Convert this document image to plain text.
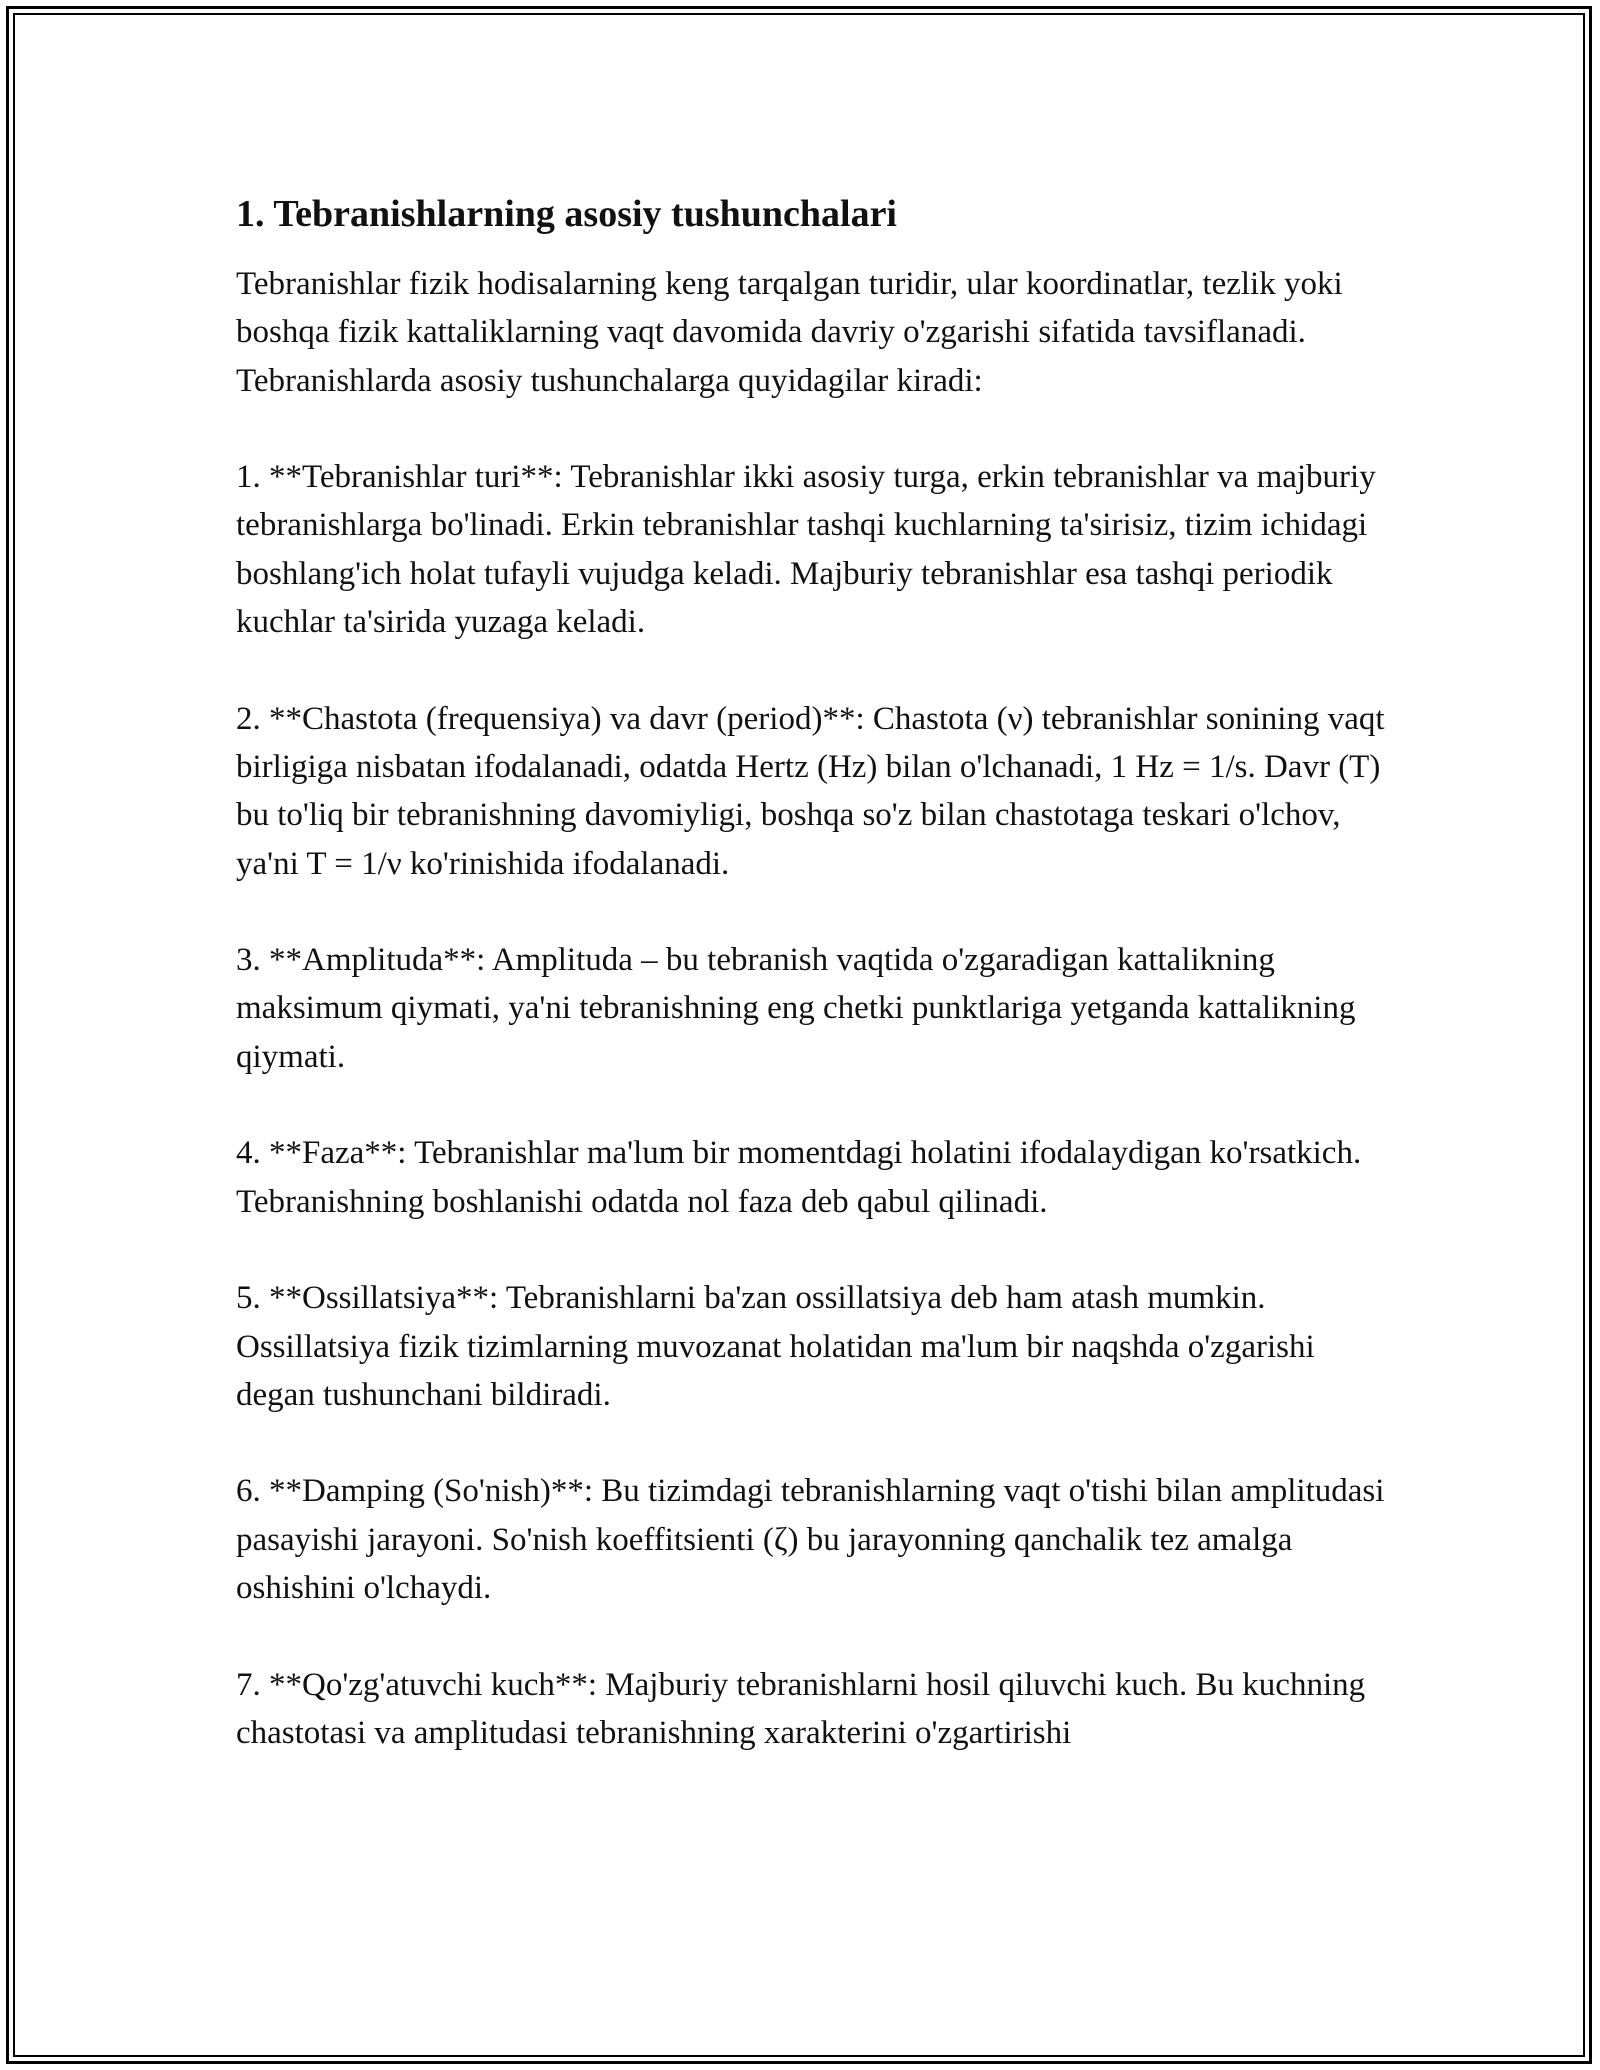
1. Tebranishlarning asosiy tushunchalari

Tebranishlar fizik hodisalarning keng tarqalgan turidir, ular koordinatlar, tezlik yoki boshqa fizik kattaliklarning vaqt davomida davriy o'zgarishi sifatida tavsiflanadi. Tebranishlarda asosiy tushunchalarga quyidagilar kiradi:

1. **Tebranishlar turi**: Tebranishlar ikki asosiy turga, erkin tebranishlar va majburiy tebranishlarga bo'linadi. Erkin tebranishlar tashqi kuchlarning ta'sirisiz, tizim ichidagi boshlang'ich holat tufayli vujudga keladi. Majburiy tebranishlar esa tashqi periodik kuchlar ta'sirida yuzaga keladi.

2. **Chastota (frequensiya) va davr (period)**: Chastota (ν) tebranishlar sonining vaqt birligiga nisbatan ifodalanadi, odatda Hertz (Hz) bilan o'lchanadi, 1 Hz = 1/s. Davr (T) bu to'liq bir tebranishning davomiyligi, boshqa so'z bilan chastotaga teskari o'lchov, ya'ni T = 1/ν ko'rinishida ifodalanadi.

3. **Amplituda**: Amplituda – bu tebranish vaqtida o'zgaradigan kattalikning maksimum qiymati, ya'ni tebranishning eng chetki punktlariga yetganda kattalikning qiymati.

4. **Faza**: Tebranishlar ma'lum bir momentdagi holatini ifodalaydigan ko'rsatkich. Tebranishning boshlanishi odatda nol faza deb qabul qilinadi.

5. **Ossillatsiya**: Tebranishlarni ba'zan ossillatsiya deb ham atash mumkin. Ossillatsiya fizik tizimlarning muvozanat holatidan ma'lum bir naqshda o'zgarishi degan tushunchani bildiradi.

6. **Damping (So'nish)**: Bu tizimdagi tebranishlarning vaqt o'tishi bilan amplitudasi pasayishi jarayoni. So'nish koeffitsienti (ζ) bu jarayonning qanchalik tez amalga oshishini o'lchaydi.

7. **Qo'zg'atuvchi kuch**: Majburiy tebranishlarni hosil qiluvchi kuch. Bu kuchning chastotasi va amplitudasi tebranishning xarakterini o'zgartirishi
